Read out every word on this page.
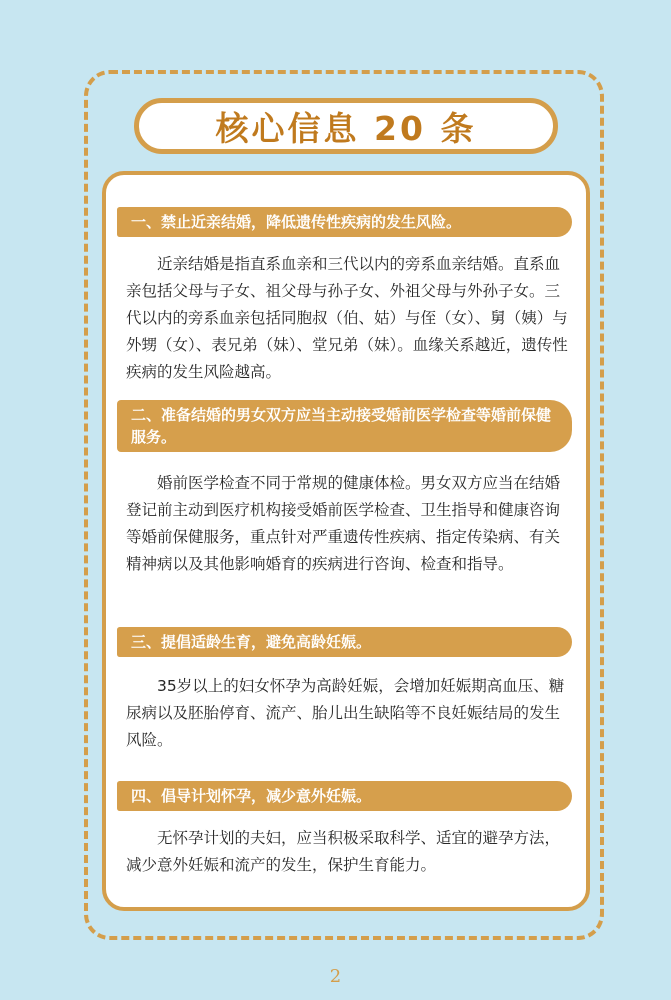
核心信息 20 条
一、禁止近亲结婚，降低遗传性疾病的发生风险。

近亲结婚是指直系血亲和三代以内的旁系血亲结婚。直系血亲包括父母与子女、祖父母与孙子女、外祖父母与外孙子女。三代以内的旁系血亲包括同胞叔（伯、姑）与侄（女）、舅（姨）与外甥（女）、表兄弟（妹）、堂兄弟（妹）。血缘关系越近，遗传性疾病的发生风险越高。

二、准备结婚的男女双方应当主动接受婚前医学检查等婚前保健服务。

婚前医学检查不同于常规的健康体检。男女双方应当在结婚登记前主动到医疗机构接受婚前医学检查、卫生指导和健康咨询等婚前保健服务，重点针对严重遗传性疾病、指定传染病、有关精神病以及其他影响婚育的疾病进行咨询、检查和指导。

三、提倡适龄生育，避免高龄妊娠。

35岁以上的妇女怀孕为高龄妊娠，会增加妊娠期高血压、糖尿病以及胚胎停育、流产、胎儿出生缺陷等不良妊娠结局的发生风险。

四、倡导计划怀孕，减少意外妊娠。

无怀孕计划的夫妇，应当积极采取科学、适宜的避孕方法，减少意外妊娠和流产的发生，保护生育能力。

2
